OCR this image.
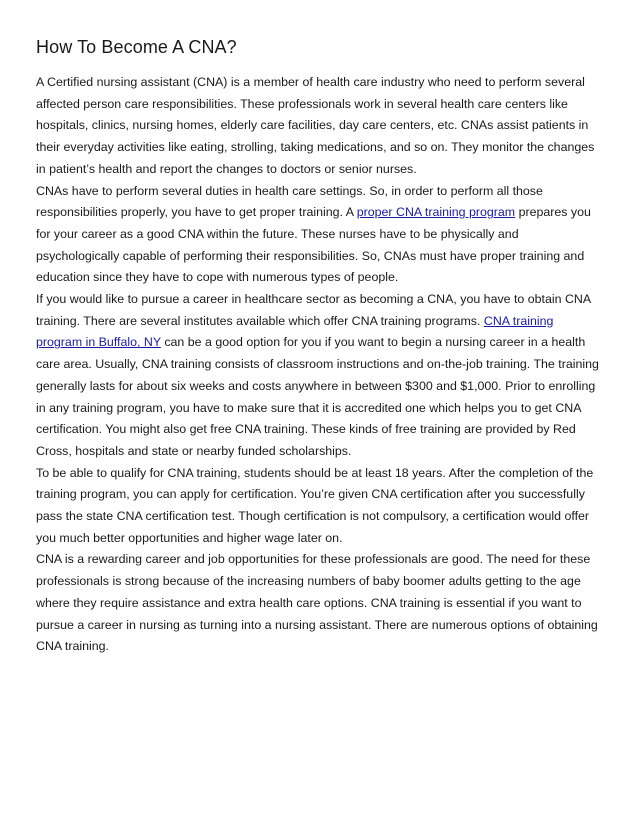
How To Become A CNA?

A Certified nursing assistant (CNA) is a member of health care industry who need to perform several affected person care responsibilities. These professionals work in several health care centers like hospitals, clinics, nursing homes, elderly care facilities, day care centers, etc. CNAs assist patients in their everyday activities like eating, strolling, taking medications, and so on. They monitor the changes in patient’s health and report the changes to doctors or senior nurses.

CNAs have to perform several duties in health care settings. So, in order to perform all those responsibilities properly, you have to get proper training. A proper CNA training program prepares you for your career as a good CNA within the future. These nurses have to be physically and psychologically capable of performing their responsibilities. So, CNAs must have proper training and education since they have to cope with numerous types of people.

If you would like to pursue a career in healthcare sector as becoming a CNA, you have to obtain CNA training. There are several institutes available which offer CNA training programs. CNA training program in Buffalo, NY can be a good option for you if you want to begin a nursing career in a health care area. Usually, CNA training consists of classroom instructions and on-the-job training. The training generally lasts for about six weeks and costs anywhere in between $300 and $1,000. Prior to enrolling in any training program, you have to make sure that it is accredited one which helps you to get CNA certification. You might also get free CNA training. These kinds of free training are provided by Red Cross, hospitals and state or nearby funded scholarships.

To be able to qualify for CNA training, students should be at least 18 years. After the completion of the training program, you can apply for certification. You’re given CNA certification after you successfully pass the state CNA certification test. Though certification is not compulsory, a certification would offer you much better opportunities and higher wage later on.

CNA is a rewarding career and job opportunities for these professionals are good. The need for these professionals is strong because of the increasing numbers of baby boomer adults getting to the age where they require assistance and extra health care options. CNA training is essential if you want to pursue a career in nursing as turning into a nursing assistant. There are numerous options of obtaining CNA training.
